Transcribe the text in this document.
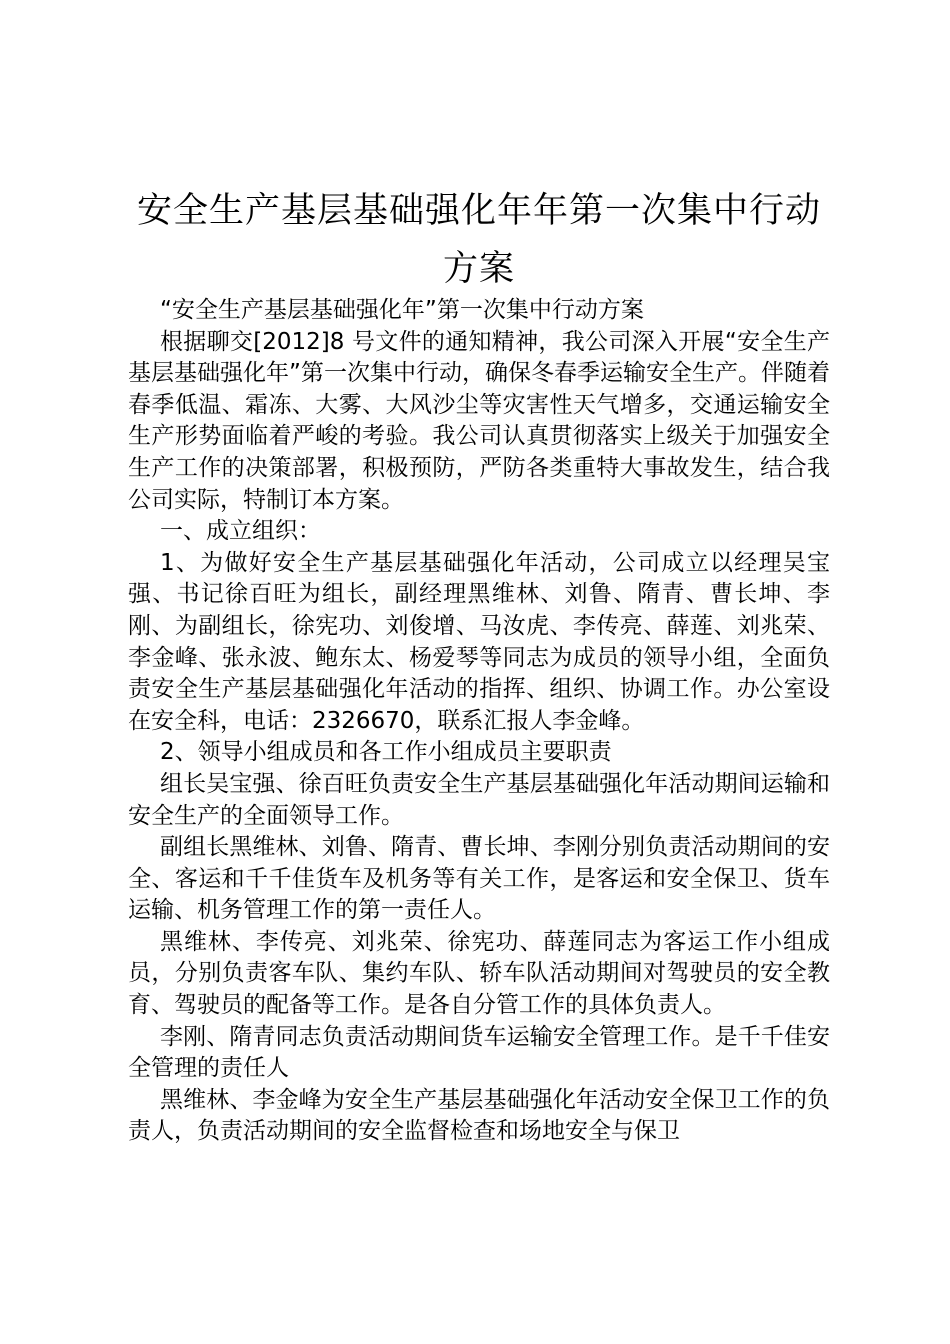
安全生产基层基础强化年年第一次集中行动方案

“安全生产基层基础强化年”第一次集中行动方案

根据聊交[2012]8 号文件的通知精神，我公司深入开展“安全生产基层基础强化年”第一次集中行动，确保冬春季运输安全生产。伴随着春季低温、霜冻、大雾、大风沙尘等灾害性天气增多，交通运输安全生产形势面临着严峻的考验。我公司认真贯彻落实上级关于加强安全生产工作的决策部署，积极预防，严防各类重特大事故发生，结合我公司实际，特制订本方案。

一、成立组织：

1、为做好安全生产基层基础强化年活动，公司成立以经理吴宝强、书记徐百旺为组长，副经理黑维林、刘鲁、隋青、曹长坤、李刚、为副组长，徐宪功、刘俊增、马汝虎、李传亮、薛莲、刘兆荣、李金峰、张永波、鲍东太、杨爱琴等同志为成员的领导小组，全面负责安全生产基层基础强化年活动的指挥、组织、协调工作。办公室设在安全科，电话：2326670，联系汇报人李金峰。

2、领导小组成员和各工作小组成员主要职责

组长吴宝强、徐百旺负责安全生产基层基础强化年活动期间运输和安全生产的全面领导工作。

副组长黑维林、刘鲁、隋青、曹长坤、李刚分别负责活动期间的安全、客运和千千佳货车及机务等有关工作，是客运和安全保卫、货车运输、机务管理工作的第一责任人。

黑维林、李传亮、刘兆荣、徐宪功、薛莲同志为客运工作小组成员，分别负责客车队、集约车队、轿车队活动期间对驾驶员的安全教育、驾驶员的配备等工作。是各自分管工作的具体负责人。

李刚、隋青同志负责活动期间货车运输安全管理工作。是千千佳安全管理的责任人

黑维林、李金峰为安全生产基层基础强化年活动安全保卫工作的负责人，负责活动期间的安全监督检查和场地安全与保卫
